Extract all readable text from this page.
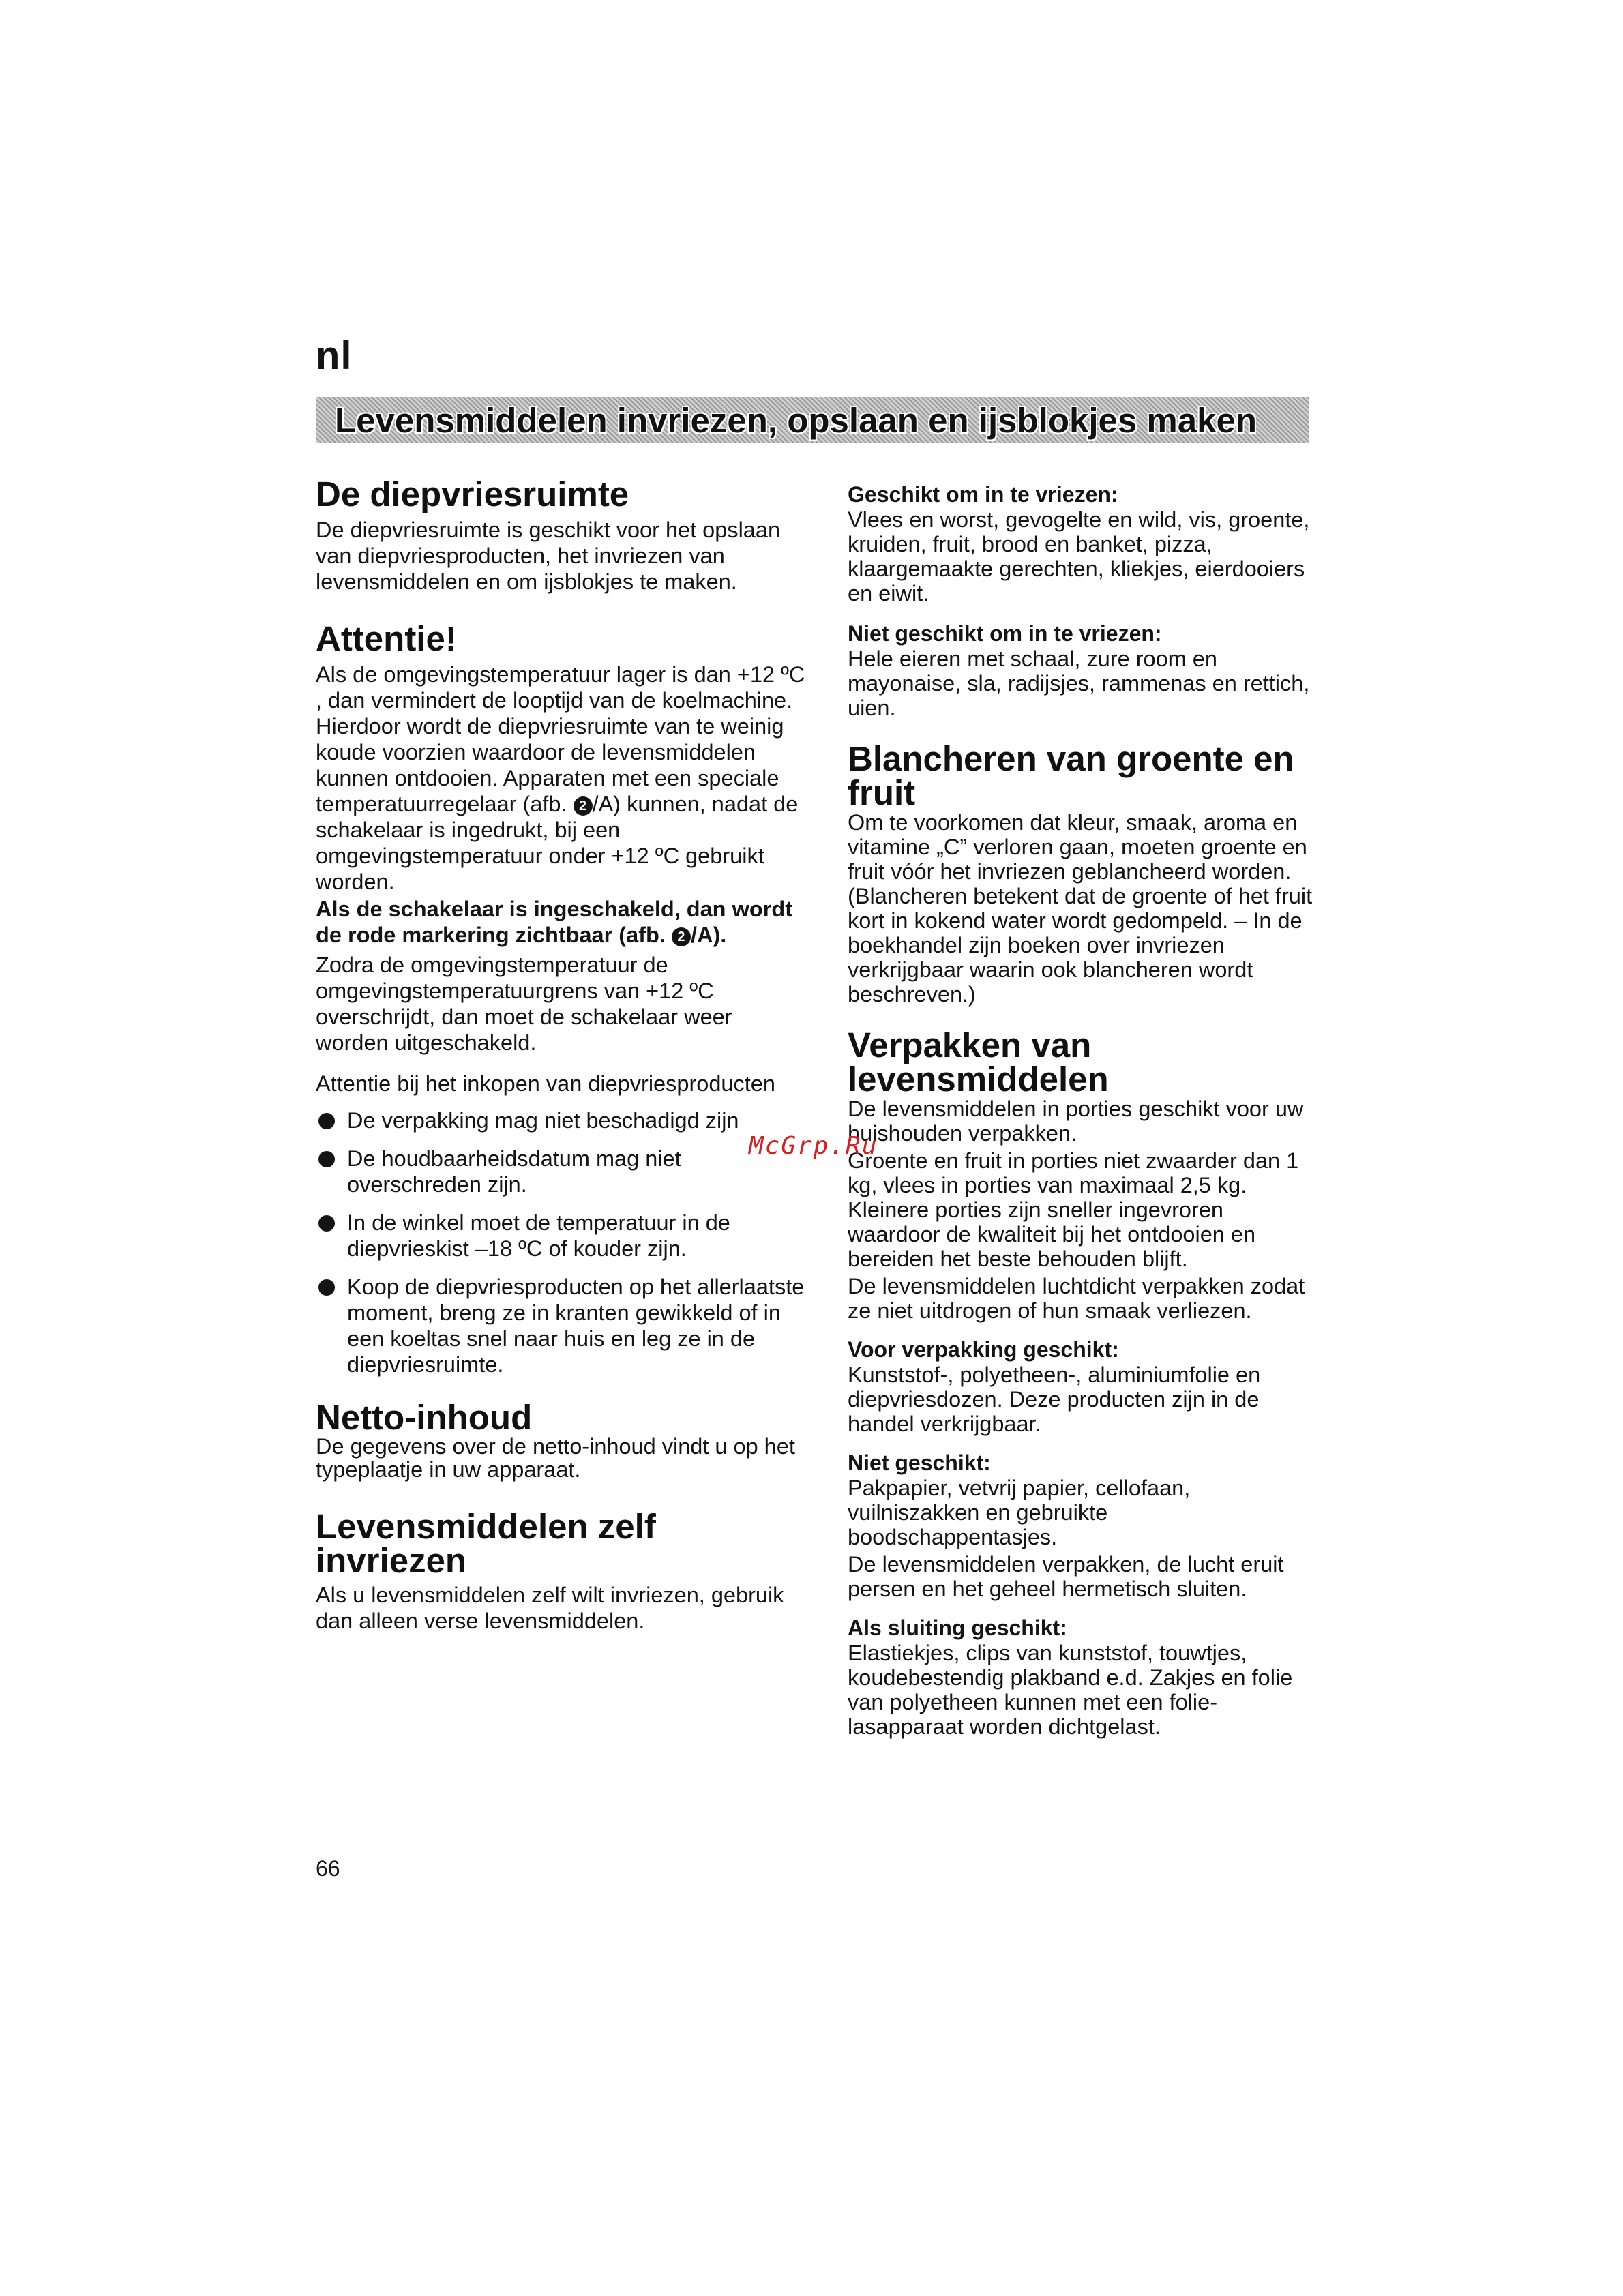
nl
Levensmiddelen invriezen, opslaan en ijsblokjes maken
De diepvriesruimte

De diepvriesruimte is geschikt voor het opslaan van diepvriesproducten, het invriezen van levensmiddelen en om ijsblokjes te maken.

Attentie!

Als de omgevingstemperatuur lager is dan +12 ºC , dan vermindert de looptijd van de koelmachine. Hierdoor wordt de diepvriesruimte van te weinig koude voorzien waardoor de levensmiddelen kunnen ontdooien. Apparaten met een speciale temperatuurregelaar (afb. 2 /A) kunnen, nadat de schakelaar is ingedrukt, bij een omgevingstemperatuur onder +12 ºC gebruikt worden.

Als de schakelaar is ingeschakeld, dan wordt de rode markering zichtbaar (afb. 2 /A).

Zodra de omgevingstemperatuur de omgevingstemperatuurgrens van +12 ºC overschrijdt, dan moet de schakelaar weer worden uitgeschakeld.

Attentie bij het inkopen van diepvriesproducten

De verpakking mag niet beschadigd zijn
De houdbaarheidsdatum mag niet overschreden zijn.
In de winkel moet de temperatuur in de diepvrieskist –18 ºC of kouder zijn.
Koop de diepvriesproducten op het allerlaatste moment, breng ze in kranten gewikkeld of in een koeltas snel naar huis en leg ze in de diepvriesruimte.
Netto-inhoud

De gegevens over de netto-inhoud vindt u op het typeplaatje in uw apparaat.

Levensmiddelen zelf invriezen

Als u levensmiddelen zelf wilt invriezen, gebruik dan alleen verse levensmiddelen.

Geschikt om in te vriezen:

Vlees en worst, gevogelte en wild, vis, groente, kruiden, fruit, brood en banket, pizza, klaargemaakte gerechten, kliekjes, eierdooiers en eiwit.

Niet geschikt om in te vriezen:

Hele eieren met schaal, zure room en mayonaise, sla, radijsjes, rammenas en rettich, uien.

Blancheren van groente en fruit

Om te voorkomen dat kleur, smaak, aroma en vitamine „C” verloren gaan, moeten groente en fruit vóór het invriezen geblancheerd worden. (Blancheren betekent dat de groente of het fruit kort in kokend water wordt gedompeld. – In de boekhandel zijn boeken over invriezen verkrijgbaar waarin ook blancheren wordt beschreven.)

Verpakken van levensmiddelen

De levensmiddelen in porties geschikt voor uw huishouden verpakken.

Groente en fruit in porties niet zwaarder dan 1 kg, vlees in porties van maximaal 2,5 kg. Kleinere porties zijn sneller ingevroren waardoor de kwaliteit bij het ontdooien en bereiden het beste behouden blijft.

De levensmiddelen luchtdicht verpakken zodat ze niet uitdrogen of hun smaak verliezen.

Voor verpakking geschikt:

Kunststof-, polyetheen-, aluminiumfolie en diepvriesdozen. Deze producten zijn in de handel verkrijgbaar.

Niet geschikt:

Pakpapier, vetvrij papier, cellofaan, vuilniszakken en gebruikte boodschappentasjes.

De levensmiddelen verpakken, de lucht eruit persen en het geheel hermetisch sluiten.

Als sluiting geschikt:

Elastiekjes, clips van kunststof, touwtjes, koudebestendig plakband e.d. Zakjes en folie van polyetheen kunnen met een folie-lasapparaat worden dichtgelast.

McGrp.Ru
66
